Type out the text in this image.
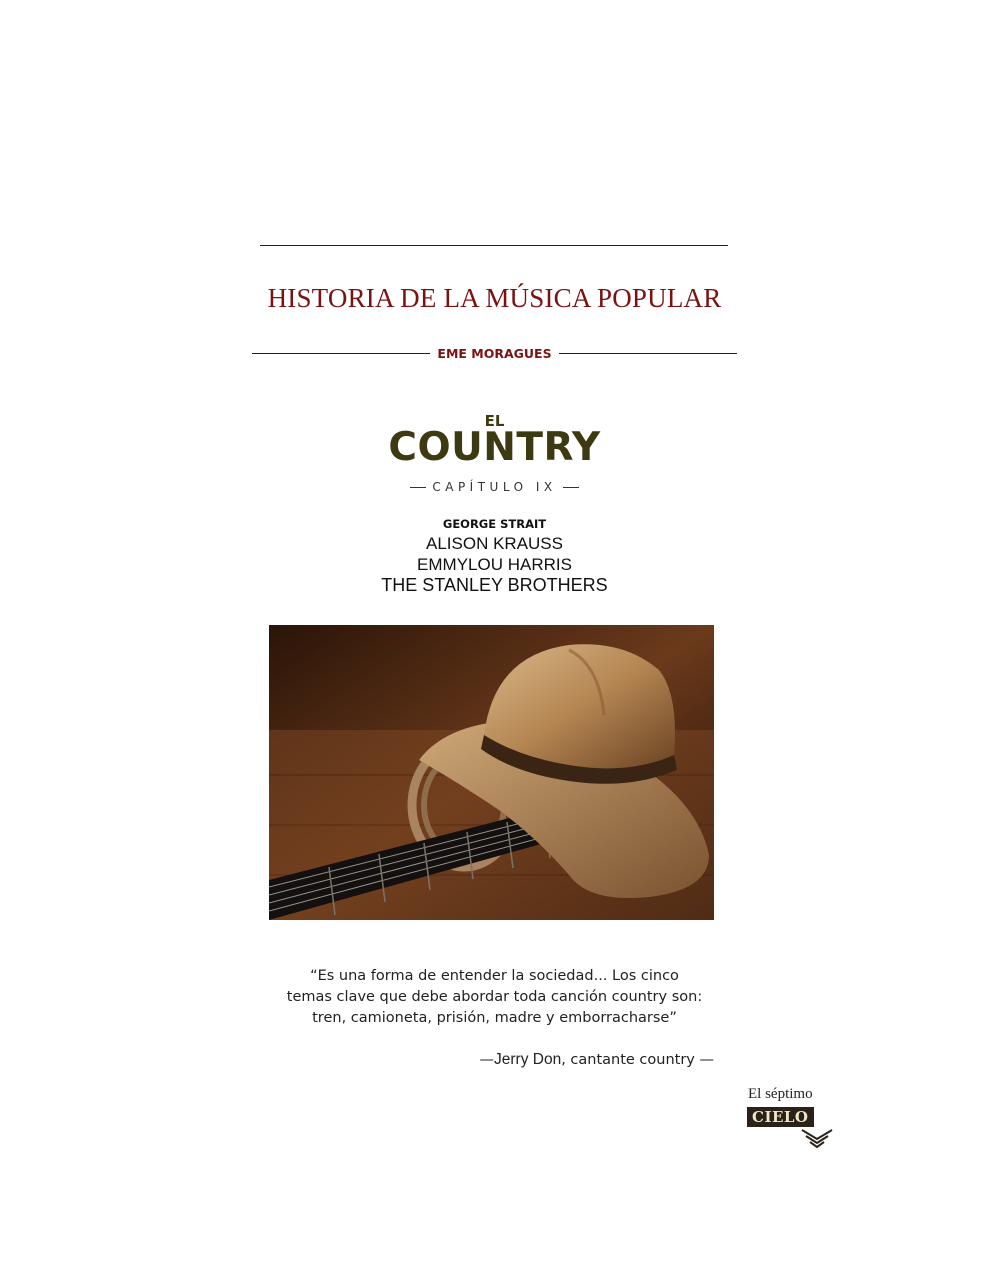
HISTORIA DE LA MÚSICA POPULAR
EME MORAGUES
EL
COUNTRY
CAPÍTULO IX
GEORGE STRAIT
ALISON KRAUSS
EMMYLOU HARRIS
THE STANLEY BROTHERS
“Es una forma de entender la sociedad... Los cinco
temas clave que debe abordar toda canción country son:
tren, camioneta, prisión, madre y emborracharse”
—Jerry Don, cantante country —
El séptimo
CIELO
